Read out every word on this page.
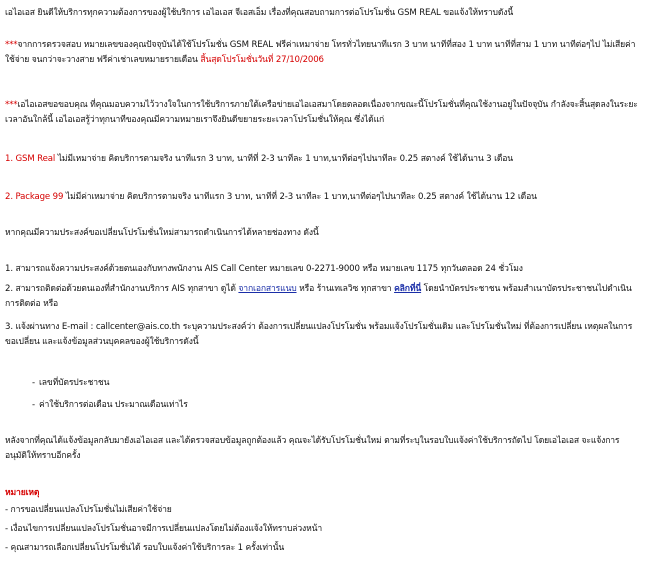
เอไอเอส ยินดีให้บริการทุกความต้องการของผู้ใช้บริการ เอไอเอส จีเอสเอ็ม เรื่องที่คุณสอบถามการต่อโปรโมชั่น GSM REAL ขอแจ้งให้ทราบดังนี้
***จากการตรวจสอบ หมายเลขของคุณปัจจุบันได้ใช้โปรโมชั่น GSM REAL ฟรีค่าเหมาจ่าย โทรทั่วไทยนาทีแรก 3 บาท นาทีที่สอง 1 บาท นาทีที่สาม 1 บาท นาทีต่อๆไป ไม่เสียค่าใช้จ่าย จนกว่าจะวางสาย ฟรีค่าเช่าเลขหมายรายเดือน สิ้นสุดโปรโมชั่นวันที่ 27/10/2006
***เอไอเอสขอขอบคุณ ที่คุณมอบความไว้วางใจในการใช้บริการภายใต้เครือข่ายเอไอเอสมาโดยตลอดเนื่องจากขณะนี้โปรโมชั่นที่คุณใช้งานอยู่ในปัจจุบัน กำลังจะสิ้นสุดลงในระยะเวลาอันใกล้นี้ เอไอเอสรู้ว่าทุกนาทีของคุณมีความหมายเราจึงยินดีขยายระยะเวลาโปรโมชั่นให้คุณ ซึ่งได้แก่
1. GSM Real ไม่มีเหมาจ่าย คิดบริการตามจริง นาทีแรก 3 บาท, นาทีที่ 2-3 นาทีละ 1 บาท,นาทีต่อๆไปนาทีละ 0.25 สตางค์ ใช้ได้นาน 3 เดือน
2. Package 99 ไม่มีค่าเหมาจ่าย คิดบริการตามจริง นาทีแรก 3 บาท, นาทีที่ 2-3 นาทีละ 1 บาท,นาทีต่อๆไปนาทีละ 0.25 สตางค์ ใช้ได้นาน 12 เดือน
หากคุณมีความประสงค์ขอเปลี่ยนโปรโมชั่นใหม่สามารถดำเนินการได้หลายช่องทาง ดังนี้
1. สามารถแจ้งความประสงค์ด้วยตนเองกับทางพนักงาน AIS Call Center หมายเลข 0-2271-9000 หรือ หมายเลข 1175 ทุกวันตลอด 24 ชั่วโมง
2. สามารถติดต่อด้วยตนเองที่สำนักงานบริการ AIS ทุกสาขา ดูได้ จากเอกสารแนบ หรือ ร้านเทเลวิซ ทุกสาขา คลิกที่นี่ โดยนำบัตรประชาชน พร้อมสำเนาบัตรประชาชนไปดำเนินการติดต่อ หรือ
3. แจ้งผ่านทาง E-mail : callcenter@ais.co.th ระบุความประสงค์ว่า ต้องการเปลี่ยนแปลงโปรโมชั่น พร้อมแจ้งโปรโมชั่นเดิม และโปรโมชั่นใหม่ ที่ต้องการเปลี่ยน เหตุผลในการขอเปลี่ยน และแจ้งข้อมูลส่วนบุคคลของผู้ใช้บริการดังนี้
- เลขที่บัตรประชาชน
- ค่าใช้บริการต่อเดือน ประมาณเดือนเท่าไร
หลังจากที่คุณได้แจ้งข้อมูลกลับมายังเอไอเอส และได้ตรวจสอบข้อมูลถูกต้องแล้ว คุณจะได้รับโปรโมชั่นใหม่ ตามที่ระบุในรอบใบแจ้งค่าใช้บริการถัดไป โดยเอไอเอส จะแจ้งการอนุมัติให้ทราบอีกครั้ง
หมายเหตุ
- การขอเปลี่ยนแปลงโปรโมชั่นไม่เสียค่าใช้จ่าย
- เงื่อนไขการเปลี่ยนแปลงโปรโมชั่นอาจมีการเปลี่ยนแปลงโดยไม่ต้องแจ้งให้ทราบล่วงหน้า
- คุณสามารถเลือกเปลี่ยนโปรโมชั่นได้ รอบใบแจ้งค่าใช้บริการละ 1 ครั้งเท่านั้น
